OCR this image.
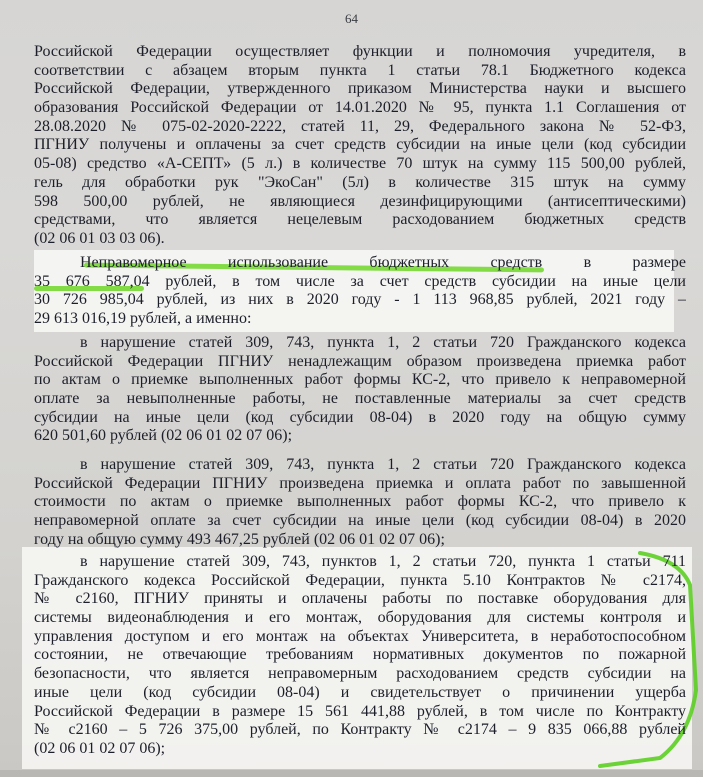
64
Российской Федерации осуществляет функции и полномочия учредителя, в
соответствии с абзацем вторым пункта 1 статьи 78.1 Бюджетного кодекса
Российской Федерации, утвержденного приказом Министерства науки и высшего
образования Российской Федерации от 14.01.2020 № 95, пункта 1.1 Соглашения от
28.08.2020 № 075-02-2020-2222, статей 11, 29, Федерального закона № 52-ФЗ,
ПГНИУ получены и оплачены за счет средств субсидии на иные цели (код субсидии
05-08) средство «А-СЕПТ» (5 л.) в количестве 70 штук на сумму 115 500,00 рублей,
гель для обработки рук "ЭкоСан" (5л) в количестве 315 штук на сумму
598 500,00 рублей, не являющиеся дезинфицирующими (антисептическими)
средствами, что является нецелевым расходованием бюджетных средств
(02 06 01 03 03 06).
Неправомерное использование бюджетных средств в размере
35 676 587,04 рублей, в том числе за счет средств субсидии на иные цели
30 726 985,04 рублей, из них в 2020 году - 1 113 968,85 рублей, 2021 году –
29 613 016,19 рублей, а именно:
в нарушение статей 309, 743, пункта 1, 2 статьи 720 Гражданского кодекса
Российской Федерации ПГНИУ ненадлежащим образом произведена приемка работ
по актам о приемке выполненных работ формы КС-2, что привело к неправомерной
оплате за невыполненные работы, не поставленные материалы за счет средств
субсидии на иные цели (код субсидии 08-04) в 2020 году на общую сумму
620 501,60 рублей (02 06 01 02 07 06);
в нарушение статей 309, 743, пункта 1, 2 статьи 720 Гражданского кодекса
Российской Федерации ПГНИУ произведена приемка и оплата работ по завышенной
стоимости по актам о приемке выполненных работ формы КС-2, что привело к
неправомерной оплате за счет субсидии на иные цели (код субсидии 08-04) в 2020
году на общую сумму 493 467,25 рублей (02 06 01 02 07 06);
в нарушение статей 309, 743, пунктов 1, 2 статьи 720, пункта 1 статьи 711
Гражданского кодекса Российской Федерации, пункта 5.10 Контрактов № с2174,
№ с2160, ПГНИУ приняты и оплачены работы по поставке оборудования для
системы видеонаблюдения и его монтаж, оборудования для системы контроля и
управления доступом и его монтаж на объектах Университета, в неработоспособном
состоянии, не отвечающие требованиям нормативных документов по пожарной
безопасности, что является неправомерным расходованием средств субсидии на
иные цели (код субсидии 08-04) и свидетельствует о причинении ущерба
Российской Федерации в размере 15 561 441,88 рублей, в том числе по Контракту
№ с2160 – 5 726 375,00 рублей, по Контракту № с2174 – 9 835 066,88 рублей
(02 06 01 02 07 06);
